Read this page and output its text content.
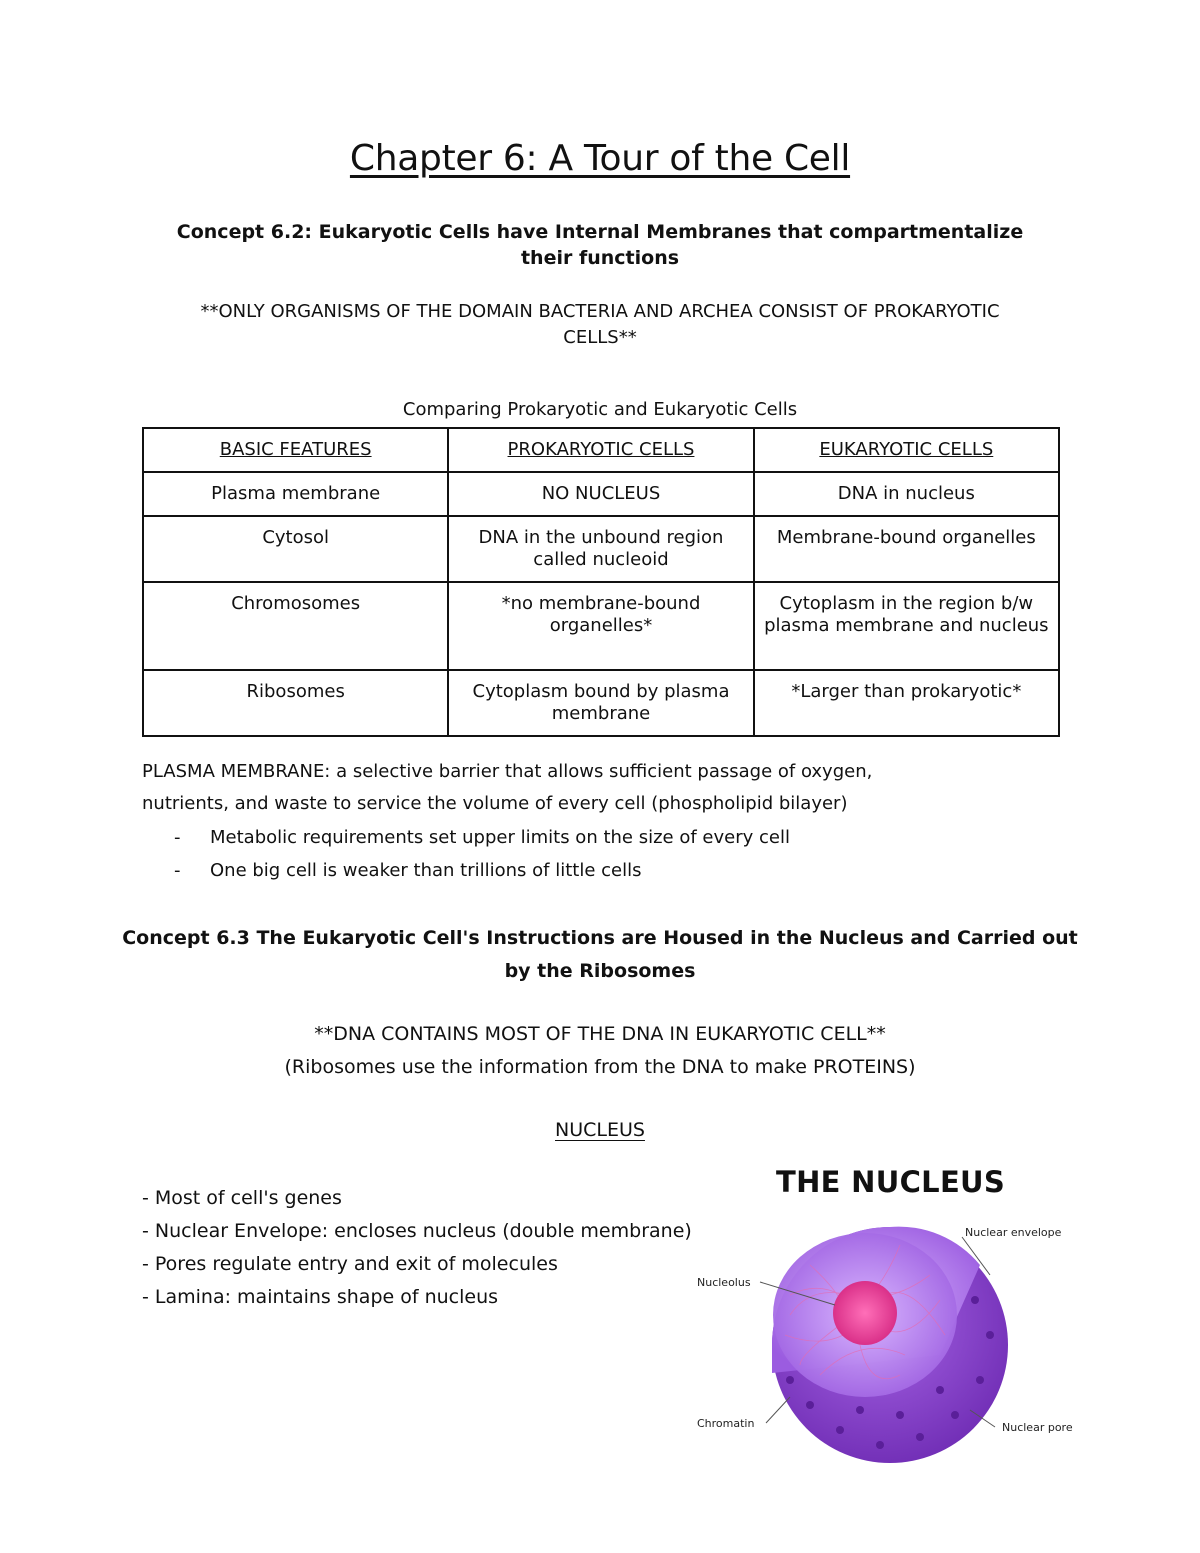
Chapter 6: A Tour of the Cell
Concept 6.2: Eukaryotic Cells have Internal Membranes that compartmentalize
their functions
**ONLY ORGANISMS OF THE DOMAIN BACTERIA AND ARCHEA CONSIST OF PROKARYOTIC
CELLS**
Comparing Prokaryotic and Eukaryotic Cells
BASIC FEATURES	PROKARYOTIC CELLS	EUKARYOTIC CELLS
Plasma membrane	NO NUCLEUS	DNA in nucleus
Cytosol	DNA in the unbound region called nucleoid	Membrane-bound organelles
Chromosomes	*no membrane-bound organelles*	Cytoplasm in the region b/w plasma membrane and nucleus
Ribosomes	Cytoplasm bound by plasma membrane	*Larger than prokaryotic*
PLASMA MEMBRANE: a selective barrier that allows sufficient passage of oxygen,
nutrients, and waste to service the volume of every cell (phospholipid bilayer)
- Metabolic requirements set upper limits on the size of every cell
- One big cell is weaker than trillions of little cells
Concept 6.3 The Eukaryotic Cell's Instructions are Housed in the Nucleus and Carried out
by the Ribosomes
**DNA CONTAINS MOST OF THE DNA IN EUKARYOTIC CELL**
(Ribosomes use the information from the DNA to make PROTEINS)
NUCLEUS
- Most of cell's genes
- Nuclear Envelope: encloses nucleus (double membrane)
- Pores regulate entry and exit of molecules
- Lamina: maintains shape of nucleus
THE NUCLEUS
Nuclear envelope
Nucleolus
Chromatin	Nuclear pore
